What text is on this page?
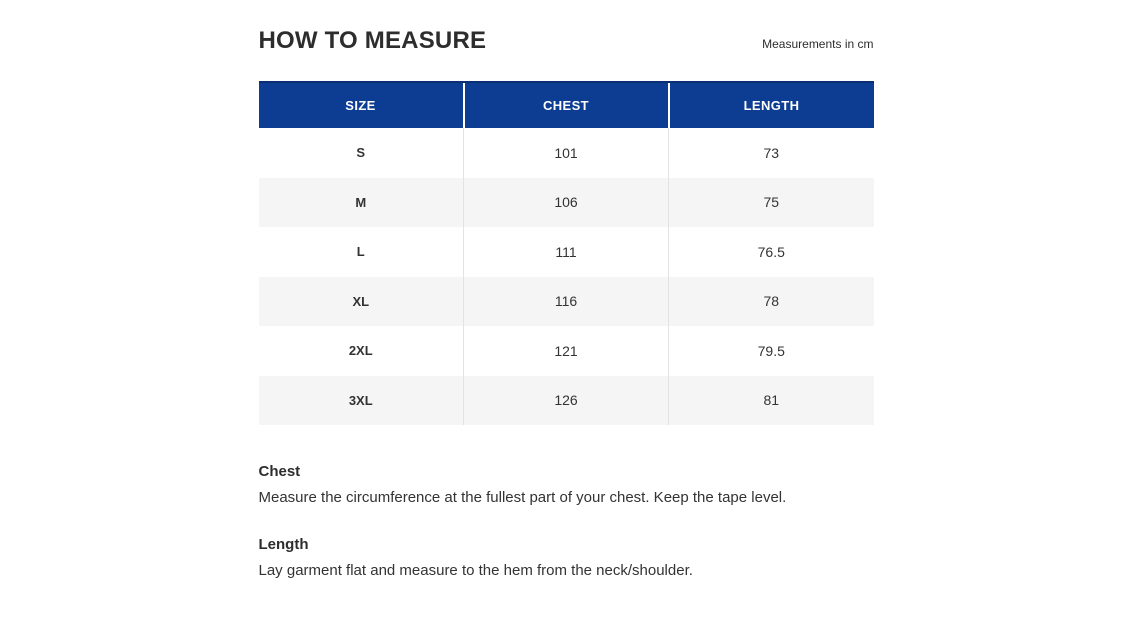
HOW TO MEASURE	Measurements in cm
SIZE	CHEST	LENGTH
S	101	73
M	106	75
L	111	76.5
XL	116	78
2XL	121	79.5
3XL	126	81
Chest

Measure the circumference at the fullest part of your chest. Keep the tape level.

Length

Lay garment flat and measure to the hem from the neck/shoulder.
